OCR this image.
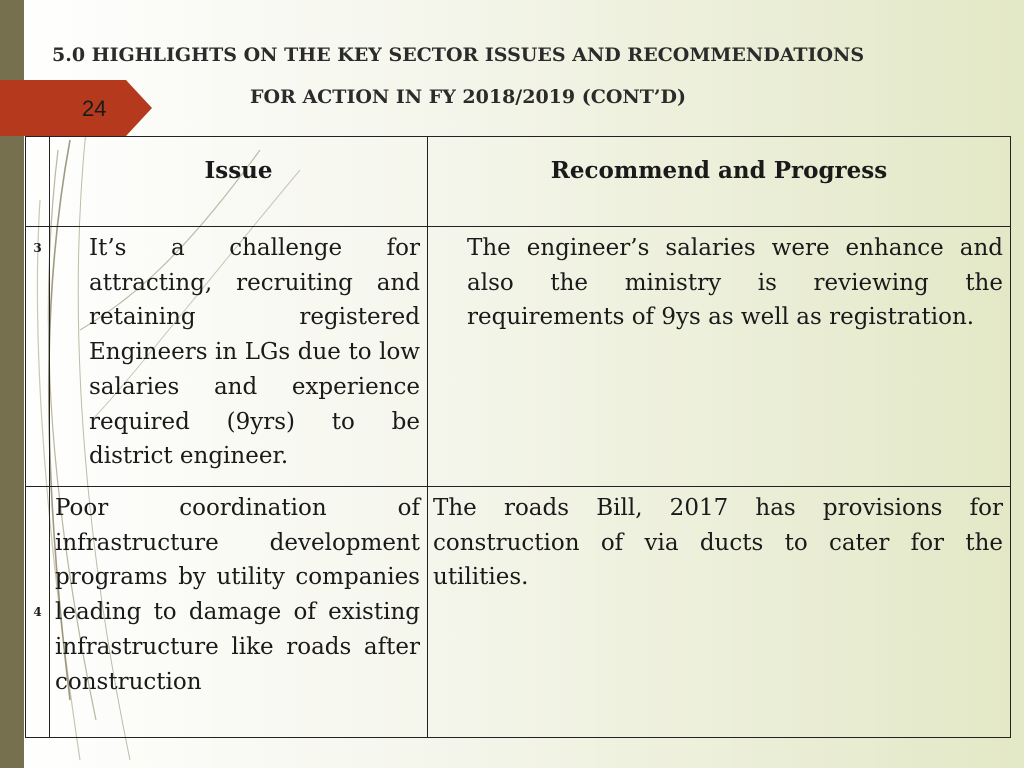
24
5.0 HIGHLIGHTS ON THE KEY SECTOR ISSUES AND RECOMMENDATIONS
FOR ACTION IN FY 2018/2019 (CONT’D)
	Issue	Recommend and Progress
3	It’s a challenge for attracting, recruiting and retaining registered Engineers in LGs due to low salaries and experience required (9yrs) to be district engineer.	The engineer’s salaries were enhance and also the ministry is reviewing the requirements of 9ys as well as registration.

4	Poor coordination of infrastructure development programs by utility companies leading to damage of existing infrastructure like roads after construction	The roads Bill, 2017 has provisions for construction of via ducts to cater for the utilities.
